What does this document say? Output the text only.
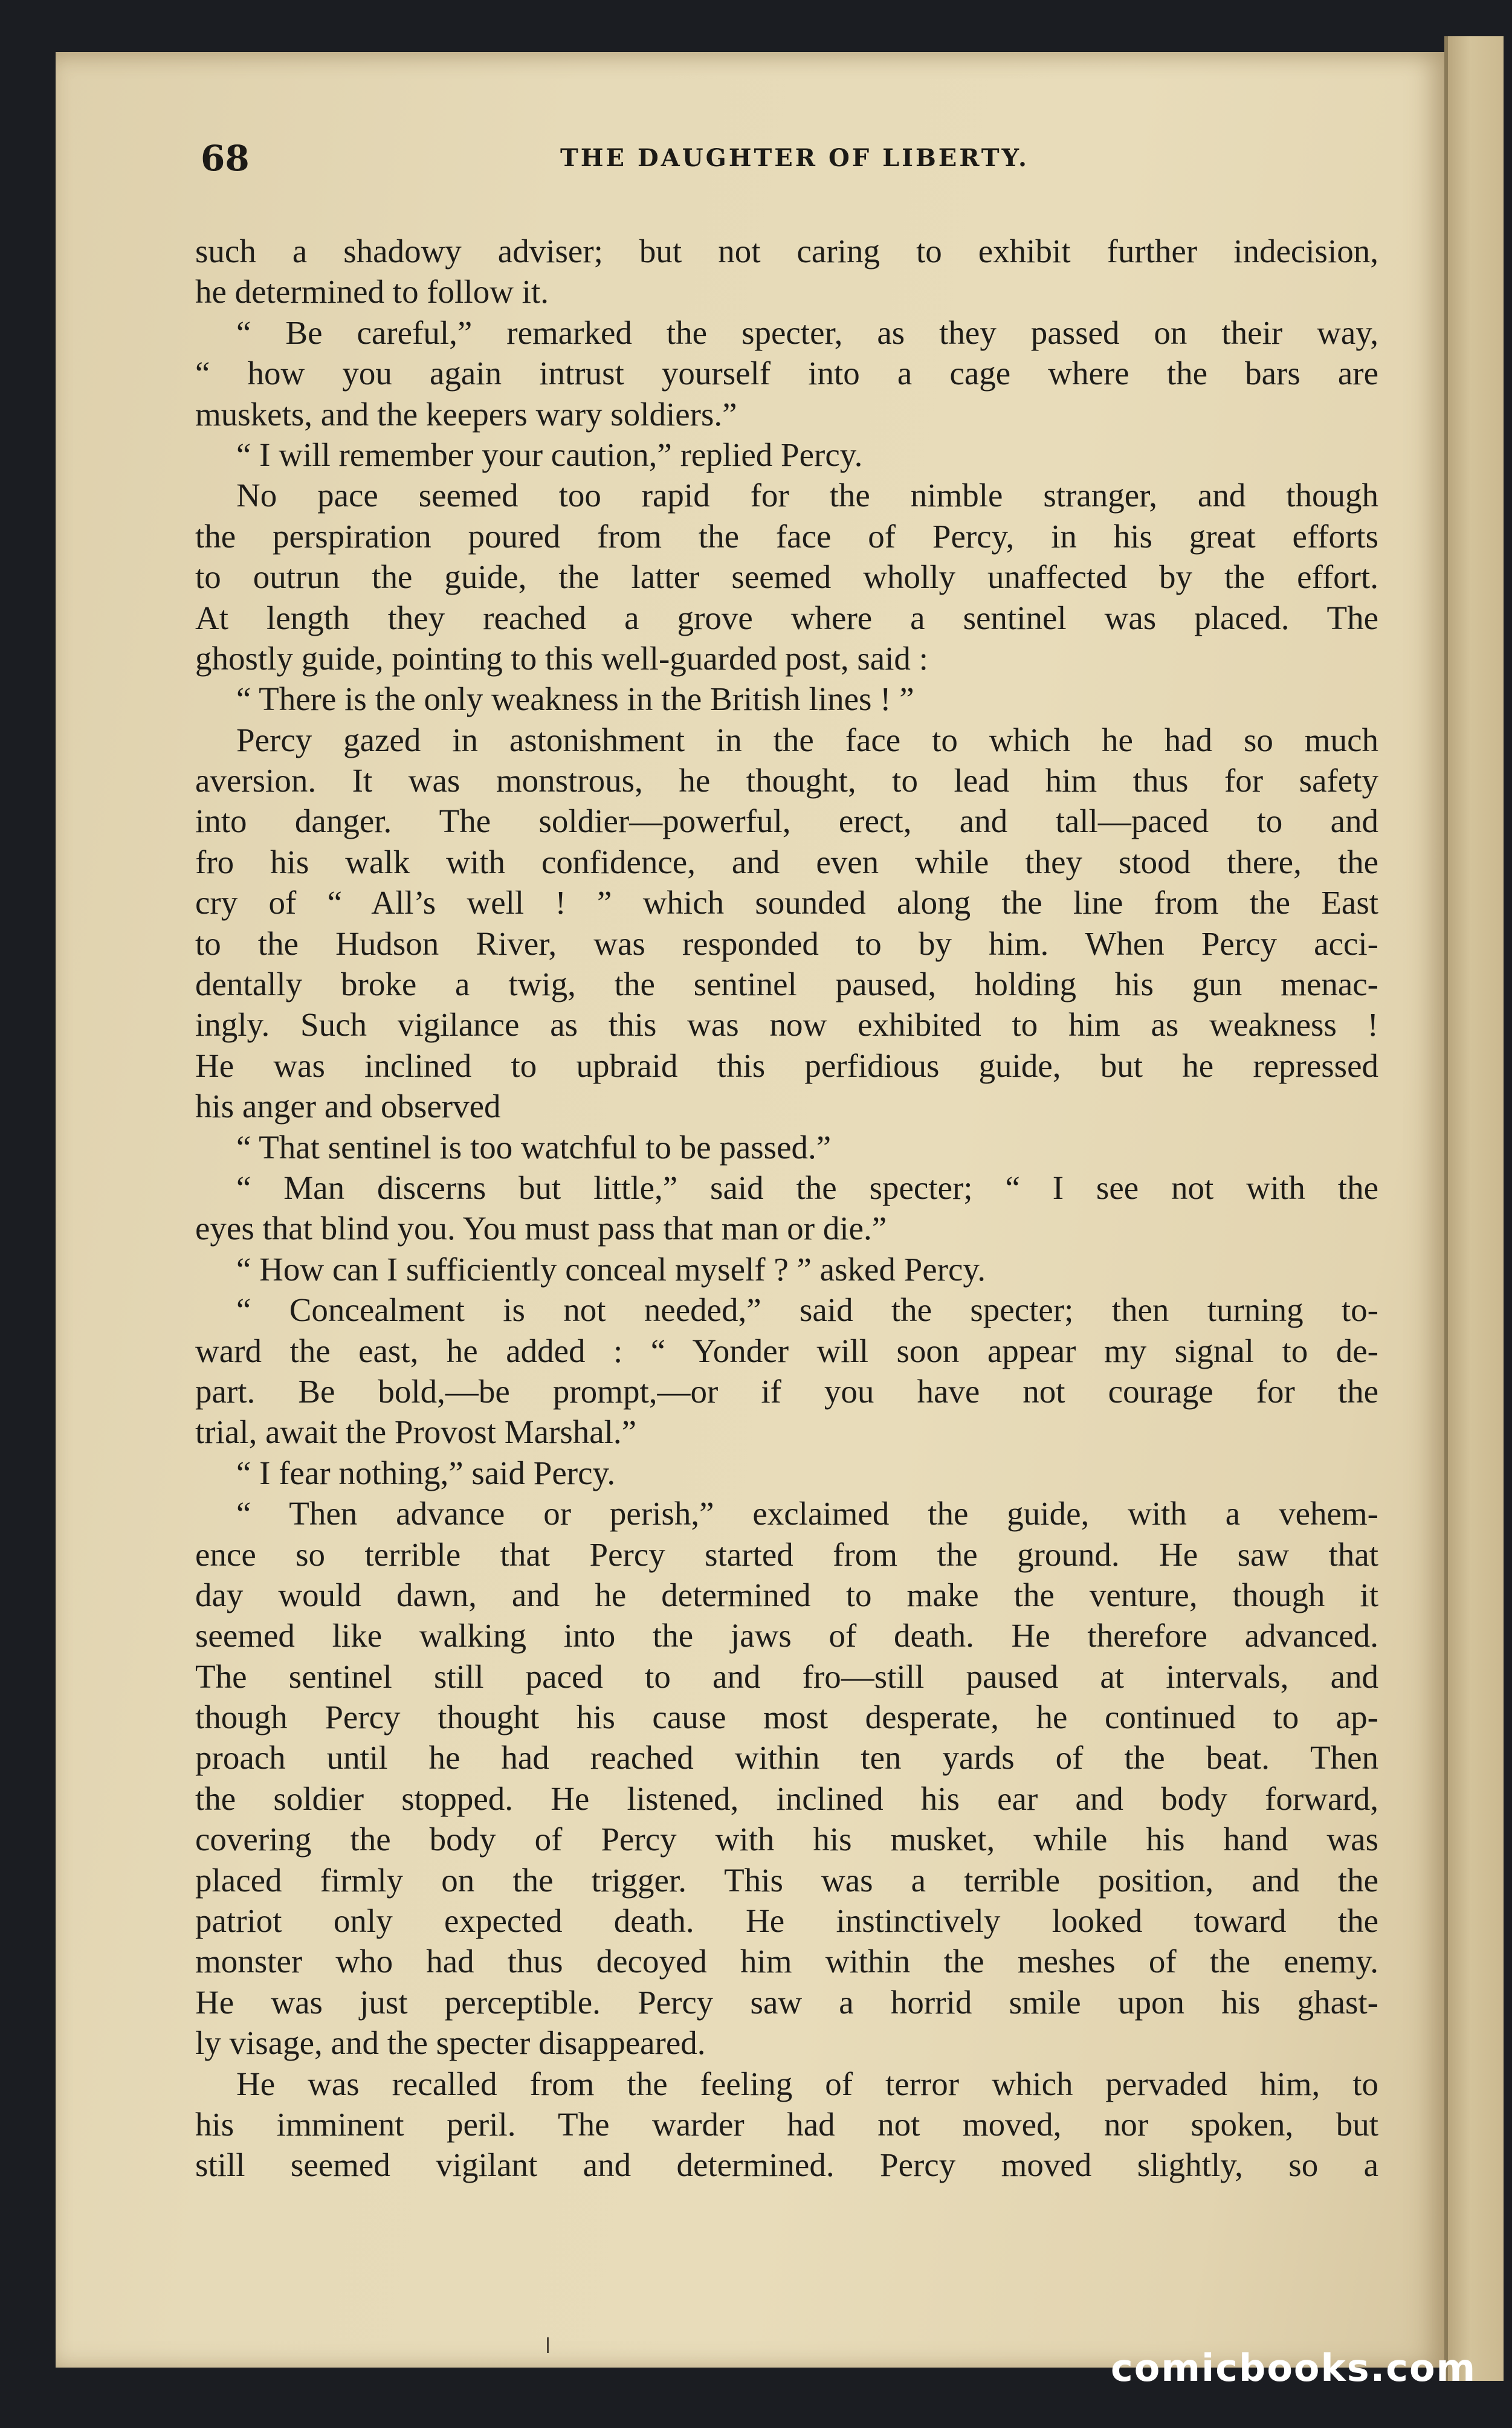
68	THE DAUGHTER OF LIBERTY.
such a shadowy adviser; but not caring to exhibit further indecision,
he determined to follow it.
“ Be careful,” remarked the specter, as they passed on their way,
“ how you again intrust yourself into a cage where the bars are
muskets, and the keepers wary soldiers.”
“ I will remember your caution,” replied Percy.
No pace seemed too rapid for the nimble stranger, and though
the perspiration poured from the face of Percy, in his great efforts
to outrun the guide, the latter seemed wholly unaffected by the effort.
At length they reached a grove where a sentinel was placed. The
ghostly guide, pointing to this well-guarded post, said :
“ There is the only weakness in the British lines ! ”
Percy gazed in astonishment in the face to which he had so much
aversion. It was monstrous, he thought, to lead him thus for safety
into danger. The soldier—powerful, erect, and tall—paced to and
fro his walk with confidence, and even while they stood there, the
cry of “ All’s well ! ” which sounded along the line from the East
to the Hudson River, was responded to by him. When Percy acci-
dentally broke a twig, the sentinel paused, holding his gun menac-
ingly. Such vigilance as this was now exhibited to him as weakness !
He was inclined to upbraid this perfidious guide, but he repressed
his anger and observed
“ That sentinel is too watchful to be passed.”
“ Man discerns but little,” said the specter; “ I see not with the
eyes that blind you. You must pass that man or die.”
“ How can I sufficiently conceal myself ? ” asked Percy.
“ Concealment is not needed,” said the specter; then turning to-
ward the east, he added : “ Yonder will soon appear my signal to de-
part. Be bold,—be prompt,—or if you have not courage for the
trial, await the Provost Marshal.”
“ I fear nothing,” said Percy.
“ Then advance or perish,” exclaimed the guide, with a vehem-
ence so terrible that Percy started from the ground. He saw that
day would dawn, and he determined to make the venture, though it
seemed like walking into the jaws of death. He therefore advanced.
The sentinel still paced to and fro—still paused at intervals, and
though Percy thought his cause most desperate, he continued to ap-
proach until he had reached within ten yards of the beat. Then
the soldier stopped. He listened, inclined his ear and body forward,
covering the body of Percy with his musket, while his hand was
placed firmly on the trigger. This was a terrible position, and the
patriot only expected death. He instinctively looked toward the
monster who had thus decoyed him within the meshes of the enemy.
He was just perceptible. Percy saw a horrid smile upon his ghast-
ly visage, and the specter disappeared.
He was recalled from the feeling of terror which pervaded him, to
his imminent peril. The warder had not moved, nor spoken, but
still seemed vigilant and determined. Percy moved slightly, so a
comicbooks.com
